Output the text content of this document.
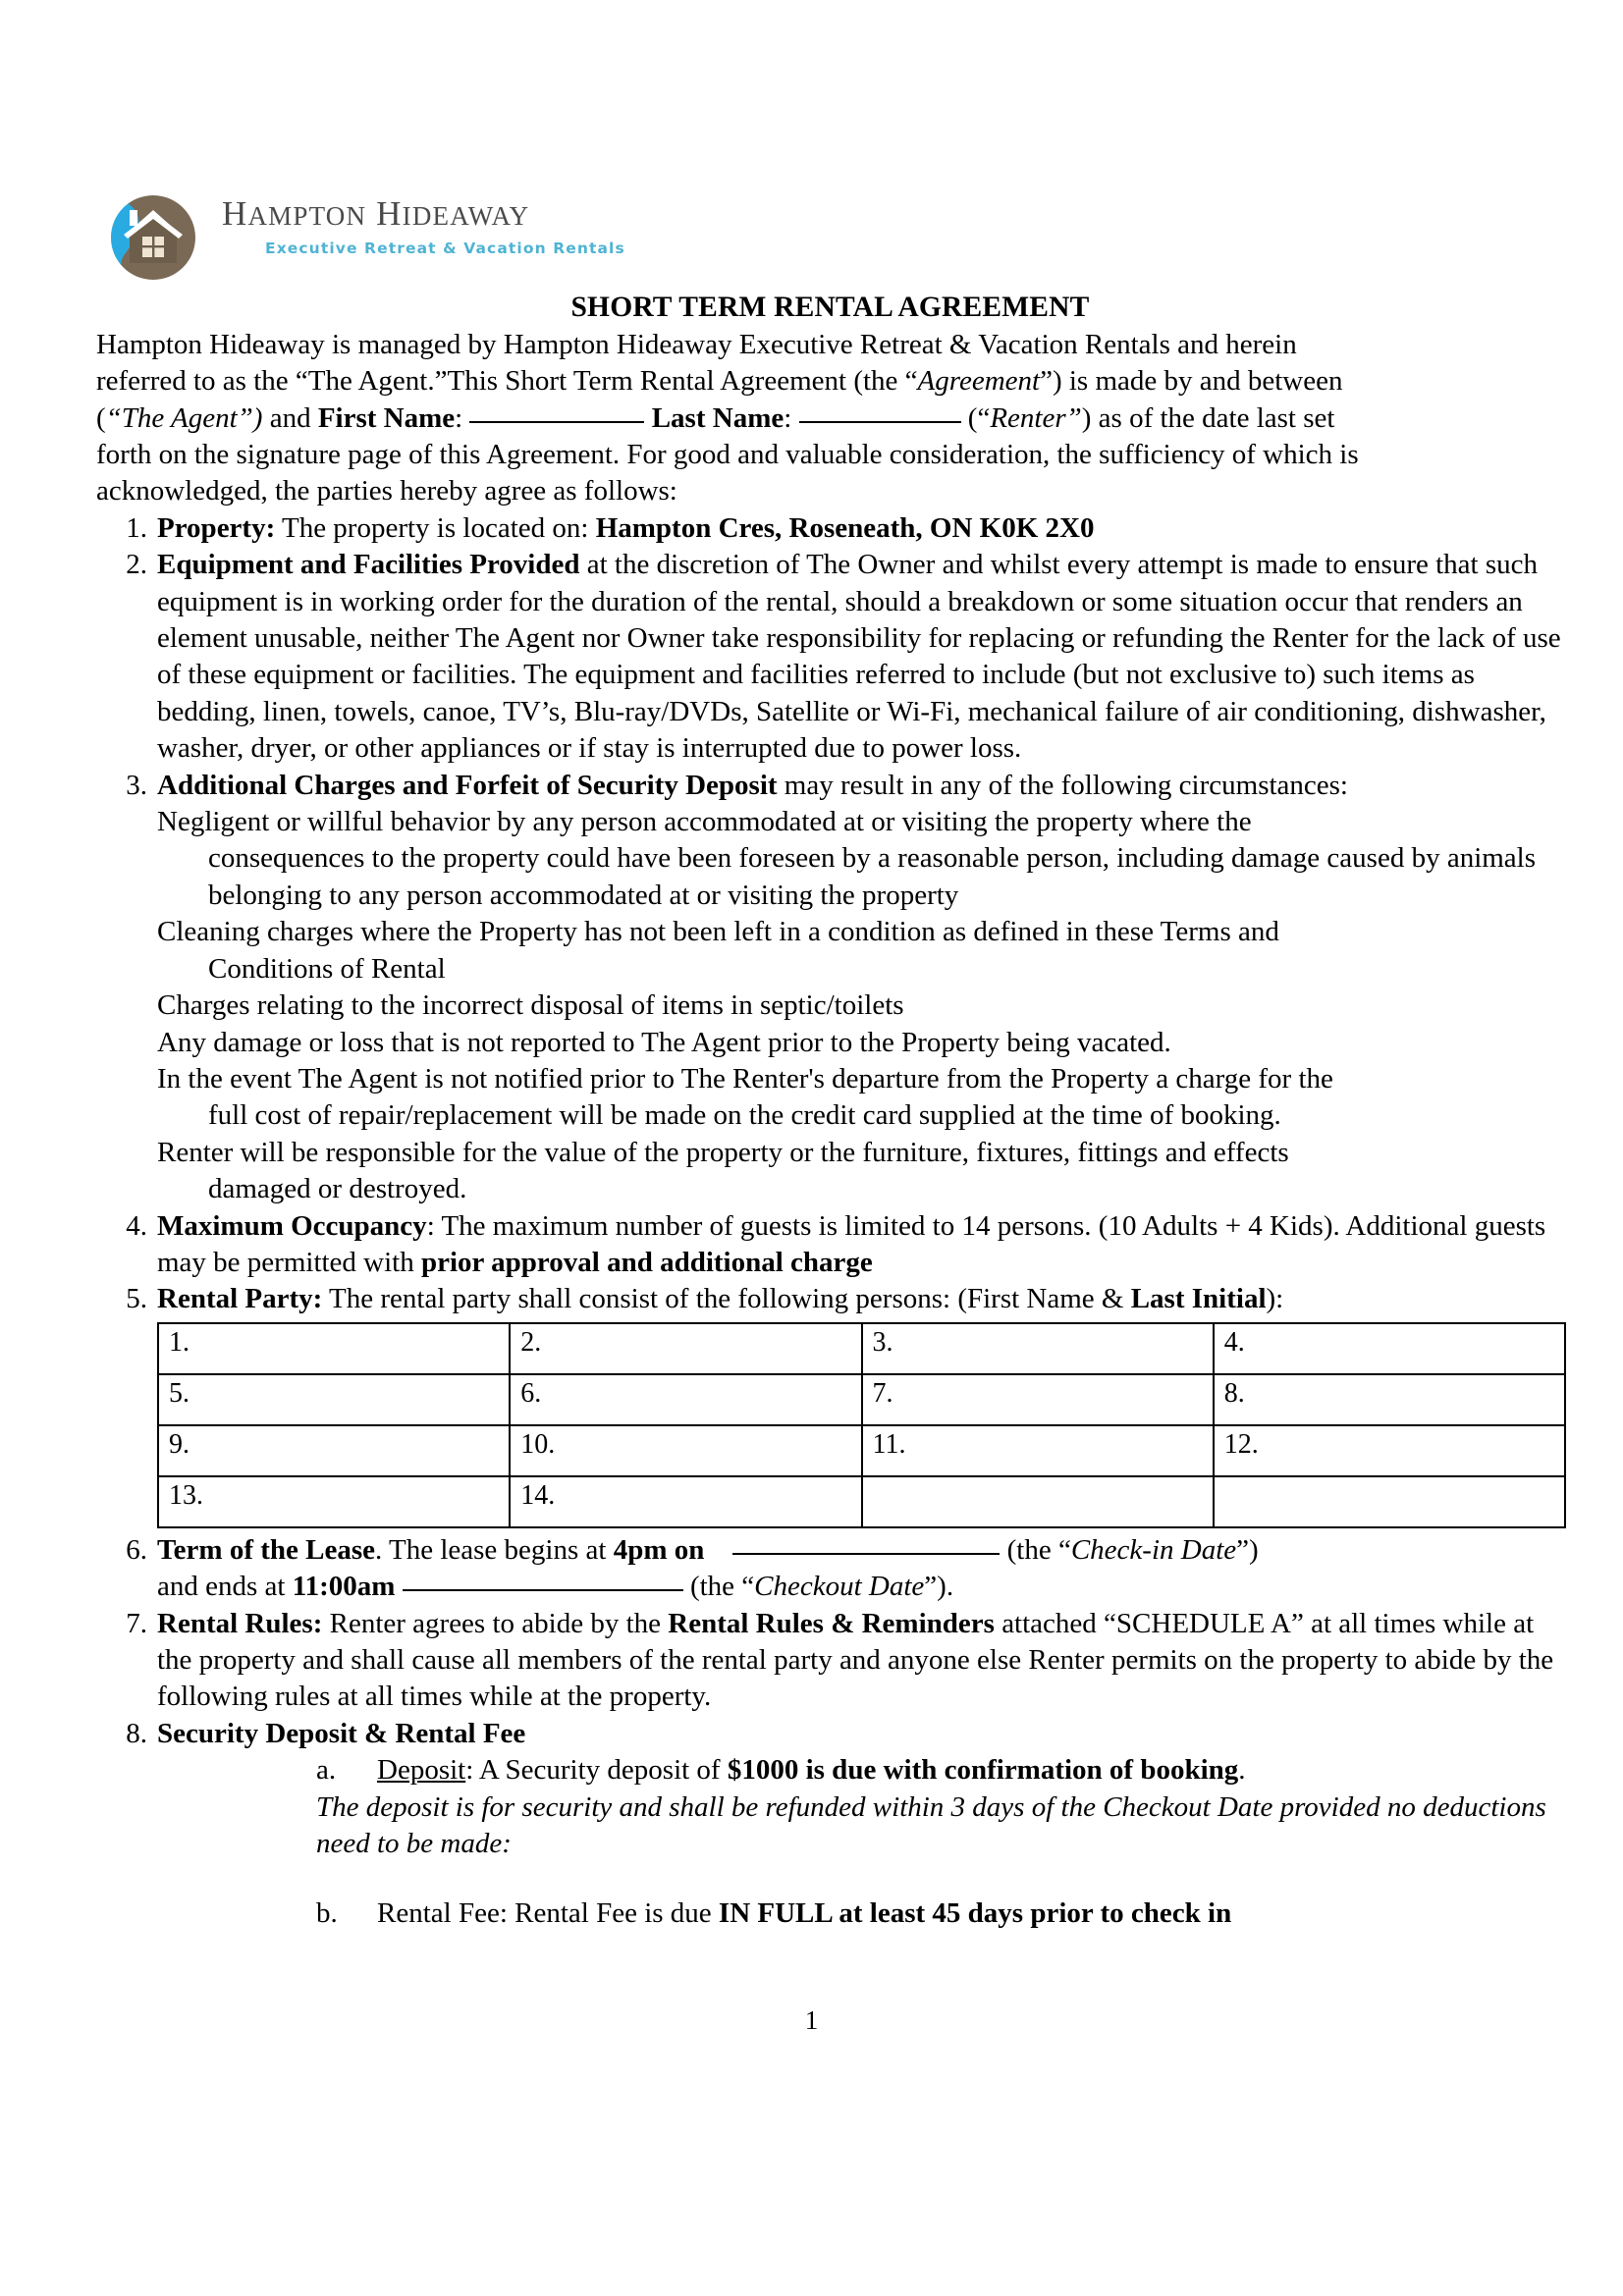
HAMPTON HIDEAWAY
Executive Retreat & Vacation Rentals
SHORT TERM RENTAL AGREEMENT
Hampton Hideaway is managed by Hampton Hideaway Executive Retreat & Vacation Rentals and herein
referred to as the “The Agent.”This Short Term Rental Agreement (the “Agreement”) is made by and between
(“The Agent”) and First Name:	Last Name:	(“Renter”) as of the date last set
forth on the signature page of this Agreement. For good and valuable consideration, the sufficiency of which is
acknowledged, the parties hereby agree as follows:
1. Property: The property is located on: Hampton Cres, Roseneath, ON K0K 2X0
2. Equipment and Facilities Provided at the discretion of The Owner and whilst every attempt is made to ensure that such equipment is in working order for the duration of the rental, should a breakdown or some situation occur that renders an element unusable, neither The Agent nor Owner take responsibility for replacing or refunding the Renter for the lack of use of these equipment or facilities. The equipment and facilities referred to include (but not exclusive to) such items as bedding, linen, towels, canoe, TV’s, Blu-ray/DVDs, Satellite or Wi-Fi, mechanical failure of air conditioning, dishwasher, washer, dryer, or other appliances or if stay is interrupted due to power loss.
3. Additional Charges and Forfeit of Security Deposit may result in any of the following circumstances:
Negligent or willful behavior by any person accommodated at or visiting the property where the
consequences to the property could have been foreseen by a reasonable person, including damage caused by animals belonging to any person accommodated at or visiting the property
Cleaning charges where the Property has not been left in a condition as defined in these Terms and
Conditions of Rental
Charges relating to the incorrect disposal of items in septic/toilets
Any damage or loss that is not reported to The Agent prior to the Property being vacated.
In the event The Agent is not notified prior to The Renter's departure from the Property a charge for the
full cost of repair/replacement will be made on the credit card supplied at the time of booking.
Renter will be responsible for the value of the property or the furniture, fixtures, fittings and effects
damaged or destroyed.
4. Maximum Occupancy: The maximum number of guests is limited to 14 persons. (10 Adults + 4 Kids). Additional guests may be permitted with prior approval and additional charge
5. Rental Party: The rental party shall consist of the following persons: (First Name & Last Initial):
1.	2.	3.	4.
5.	6.	7.	8.
9.	10.	11.	12.
13.	14.		
6. Term of the Lease. The lease begins at 4pm on	(the “Check-in Date”)
and ends at 11:00am	(the “Checkout Date”).
7. Rental Rules: Renter agrees to abide by the Rental Rules & Reminders attached “SCHEDULE A” at all times while at the property and shall cause all members of the rental party and anyone else Renter permits on the property to abide by the following rules at all times while at the property.
8. Security Deposit & Rental Fee
a.	Deposit: A Security deposit of $1000 is due with confirmation of booking.
The deposit is for security and shall be refunded within 3 days of the Checkout Date provided no deductions need to be made:
b.	Rental Fee: Rental Fee is due IN FULL at least 45 days prior to check in
1
